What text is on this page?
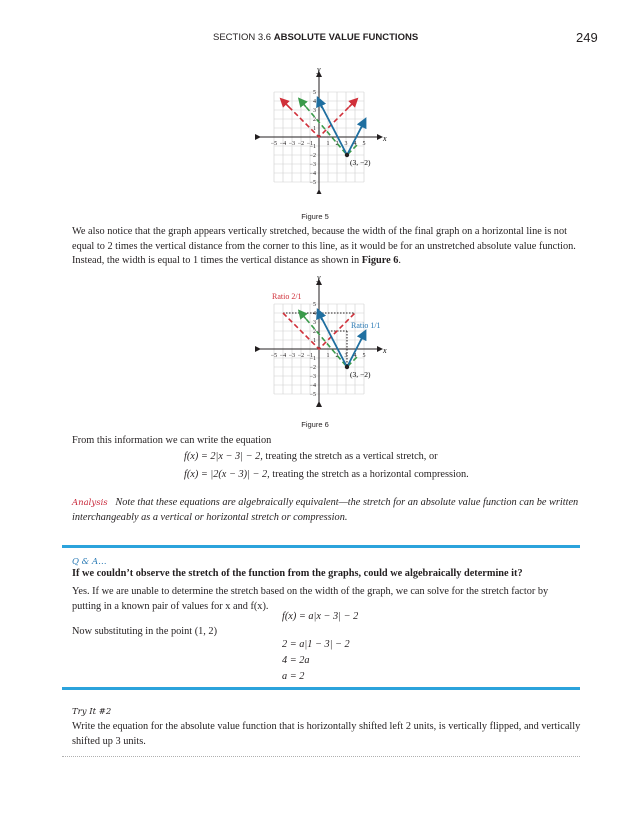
SECTION 3.6 ABSOLUTE VALUE FUNCTIONS	249
x
y
−5 −4 −3 −2 −1 1 2 3 4 5
5
4
3
2
1
−1
−2
−3
−4
−5
(3, −2)
Figure 5
We also notice that the graph appears vertically stretched, because the width of the final graph on a horizontal line is not equal to 2 times the vertical distance from the corner to this line, as it would be for an unstretched absolute value function. Instead, the width is equal to 1 times the vertical distance as shown in Figure 6.
x
y
−5 −4 −3 −2 −1 1 2 3 4 5
5
4
3
2
1
−1
−2
−3
−4
−5
(3, −2)
Ratio 2/1
Ratio 1/1
Figure 6
From this information we can write the equation
f(x) = 2|x − 3| − 2, treating the stretch as a vertical stretch, or
f(x) = |2(x − 3)| − 2, treating the stretch as a horizontal compression.
Analysis Note that these equations are algebraically equivalent—the stretch for an absolute value function can be written interchangeably as a vertical or horizontal stretch or compression.
Q & A…
If we couldn’t observe the stretch of the function from the graphs, could we algebraically determine it?
Yes. If we are unable to determine the stretch based on the width of the graph, we can solve for the stretch factor by putting in a known pair of values for x and f(x).
f(x) = a|x − 3| − 2
Now substituting in the point (1, 2)
2 = a|1 − 3| − 2
4 = 2a
a = 2
Try It #2
Write the equation for the absolute value function that is horizontally shifted left 2 units, is vertically flipped, and vertically shifted up 3 units.
